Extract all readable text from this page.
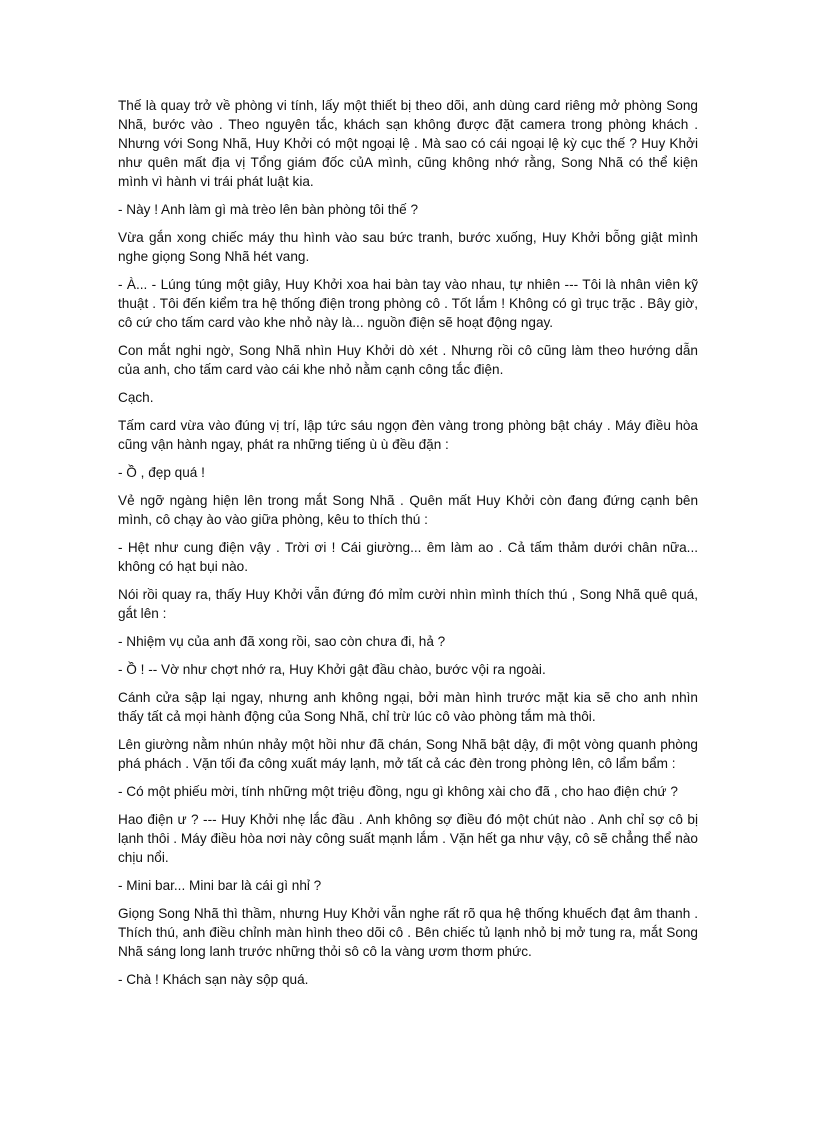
Thế là quay trở về phòng vi tính, lấy một thiết bị theo dõi, anh dùng card riêng mở phòng Song Nhã, bước vào . Theo nguyên tắc, khách sạn không được đặt camera trong phòng khách . Nhưng với Song Nhã, Huy Khởi có một ngoại lệ . Mà sao có cái ngoại lệ kỳ cục thế ? Huy Khởi như quên mất địa vị Tổng giám đốc củA mình, cũng không nhớ rằng, Song Nhã có thể kiện mình vì hành vi trái phát luật kia.

- Này ! Anh làm gì mà trèo lên bàn phòng tôi thế ?

Vừa gắn xong chiếc máy thu hình vào sau bức tranh, bước xuống, Huy Khởi bỗng giật mình nghe giọng Song Nhã hét vang.

- À... - Lúng túng một giây, Huy Khởi xoa hai bàn tay vào nhau, tự nhiên --- Tôi là nhân viên kỹ thuật . Tôi đến kiểm tra hệ thống điện trong phòng cô . Tốt lắm ! Không có gì trục trặc . Bây giờ, cô cứ cho tấm card vào khe nhỏ này là... nguồn điện sẽ hoạt động ngay.

Con mắt nghi ngờ, Song Nhã nhìn Huy Khởi dò xét . Nhưng rồi cô cũng làm theo hướng dẫn của anh, cho tấm card vào cái khe nhỏ nằm cạnh công tắc điện.

Cạch.

Tấm card vừa vào đúng vị trí, lập tức sáu ngọn đèn vàng trong phòng bật cháy . Máy điều hòa cũng vận hành ngay, phát ra những tiếng ù ù đều đặn :

- Ồ , đẹp quá !

Vẻ ngỡ ngàng hiện lên trong mắt Song Nhã . Quên mất Huy Khởi còn đang đứng cạnh bên mình, cô chạy ào vào giữa phòng, kêu to thích thú :

- Hệt như cung điện vậy . Trời ơi ! Cái giường... êm làm ao . Cả tấm thảm dưới chân nữa... không có hạt bụi nào.

Nói rồi quay ra, thấy Huy Khởi vẫn đứng đó mỉm cười nhìn mình thích thú , Song Nhã quê quá, gắt lên :

- Nhiệm vụ của anh đã xong rồi, sao còn chưa đi, hả ?

- Ồ ! -- Vờ như chợt nhớ ra, Huy Khởi gật đầu chào, bước vội ra ngoài.

Cánh cửa sập lại ngay, nhưng anh không ngại, bởi màn hình trước mặt kia sẽ cho anh nhìn thấy tất cả mọi hành động của Song Nhã, chỉ trừ lúc cô vào phòng tắm mà thôi.

Lên giường nằm nhún nhảy một hồi như đã chán, Song Nhã bật dậy, đi một vòng quanh phòng phá phách . Vặn tối đa công xuất máy lạnh, mở tất cả các đèn trong phòng lên, cô lẩm bẩm :

- Có một phiếu mời, tính những một triệu đồng, ngu gì không xài cho đã , cho hao điện chứ ?

Hao điện ư ? --- Huy Khởi nhẹ lắc đầu . Anh không sợ điều đó một chút nào . Anh chỉ sợ cô bị lạnh thôi . Máy điều hòa nơi này công suất mạnh lắm . Vặn hết ga như vậy, cô sẽ chẳng thể nào chịu nổi.

- Mini bar... Mini bar là cái gì nhỉ ?

Giọng Song Nhã thì thầm, nhưng Huy Khởi vẫn nghe rất rõ qua hệ thống khuếch đạt âm thanh . Thích thú, anh điều chỉnh màn hình theo dõi cô . Bên chiếc tủ lạnh nhỏ bị mở tung ra, mắt Song Nhã sáng long lanh trước những thỏi sô cô la vàng ươm thơm phức.

- Chà ! Khách sạn này sộp quá.
